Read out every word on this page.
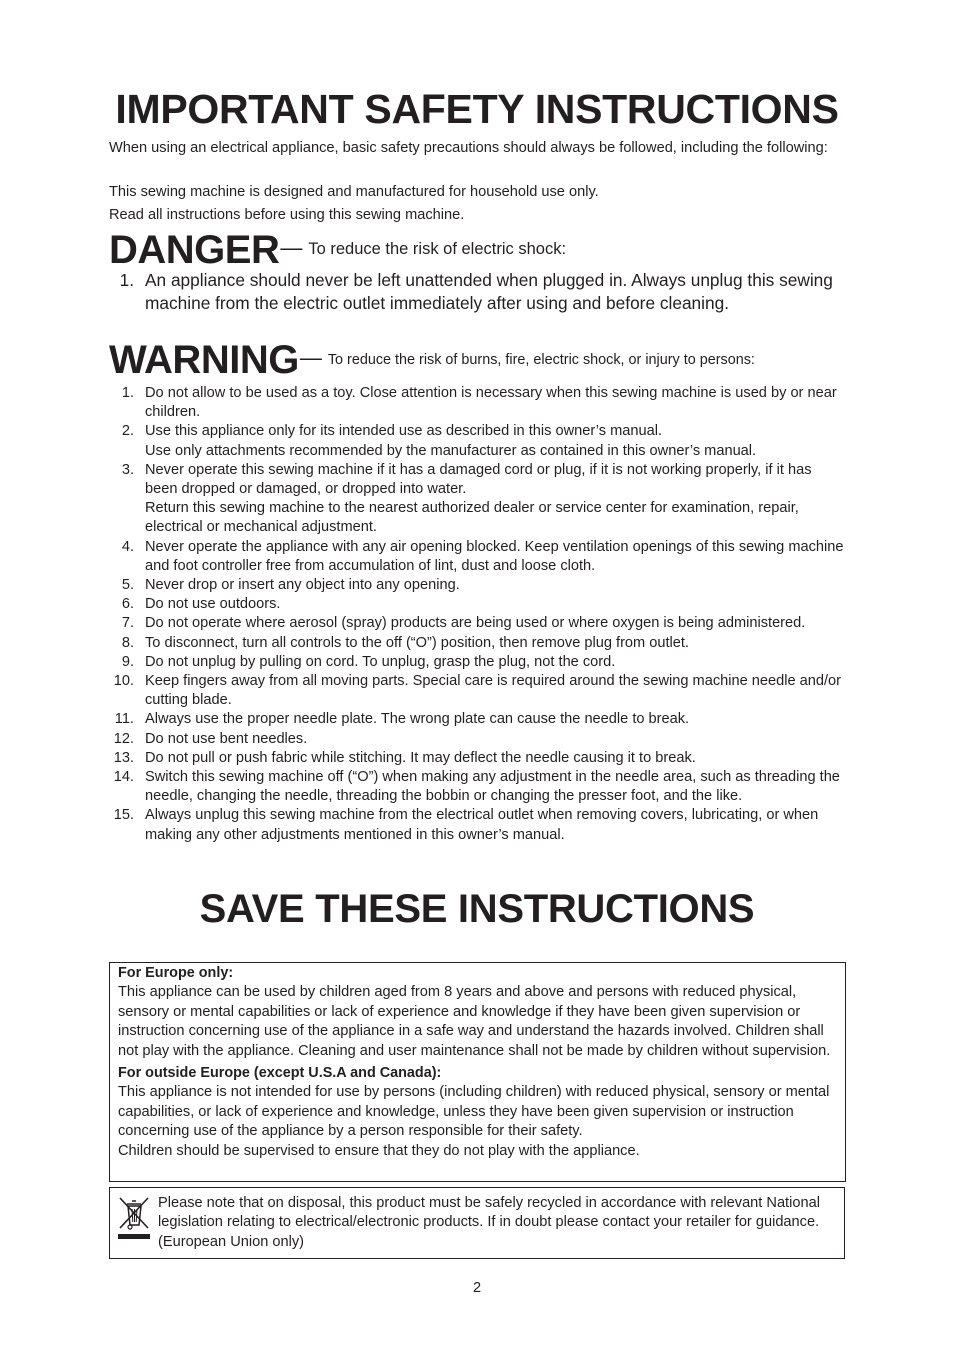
IMPORTANT SAFETY INSTRUCTIONS

When using an electrical appliance, basic safety precautions should always be followed, including the following:

This sewing machine is designed and manufactured for household use only.

Read all instructions before using this sewing machine.

DANGER— To reduce the risk of electric shock:
1. An appliance should never be left unattended when plugged in. Always unplug this sewing machine from the electric outlet immediately after using and before cleaning.
WARNING— To reduce the risk of burns, fire, electric shock, or injury to persons:
1. Do not allow to be used as a toy. Close attention is necessary when this sewing machine is used by or near children.
2. Use this appliance only for its intended use as described in this owner’s manual.
Use only attachments recommended by the manufacturer as contained in this owner’s manual.
3. Never operate this sewing machine if it has a damaged cord or plug, if it is not working properly, if it has been dropped or damaged, or dropped into water.
Return this sewing machine to the nearest authorized dealer or service center for examination, repair, electrical or mechanical adjustment.
4. Never operate the appliance with any air opening blocked. Keep ventilation openings of this sewing machine and foot controller free from accumulation of lint, dust and loose cloth.
5. Never drop or insert any object into any opening.
6. Do not use outdoors.
7. Do not operate where aerosol (spray) products are being used or where oxygen is being administered.
8. To disconnect, turn all controls to the off (“O”) position, then remove plug from outlet.
9. Do not unplug by pulling on cord. To unplug, grasp the plug, not the cord.
10. Keep fingers away from all moving parts. Special care is required around the sewing machine needle and/or cutting blade.
11. Always use the proper needle plate. The wrong plate can cause the needle to break.
12. Do not use bent needles.
13. Do not pull or push fabric while stitching. It may deflect the needle causing it to break.
14. Switch this sewing machine off (“O”) when making any adjustment in the needle area, such as threading the needle, changing the needle, threading the bobbin or changing the presser foot, and the like.
15. Always unplug this sewing machine from the electrical outlet when removing covers, lubricating, or when making any other adjustments mentioned in this owner’s manual.
SAVE THESE INSTRUCTIONS

For Europe only:

This appliance can be used by children aged from 8 years and above and persons with reduced physical, sensory or mental capabilities or lack of experience and knowledge if they have been given supervision or instruction concerning use of the appliance in a safe way and understand the hazards involved. Children shall not play with the appliance. Cleaning and user maintenance shall not be made by children without supervision.

For outside Europe (except U.S.A and Canada):

This appliance is not intended for use by persons (including children) with reduced physical, sensory or mental capabilities, or lack of experience and knowledge, unless they have been given supervision or instruction concerning use of the appliance by a person responsible for their safety.

Children should be supervised to ensure that they do not play with the appliance.

Please note that on disposal, this product must be safely recycled in accordance with relevant National legislation relating to electrical/electronic products. If in doubt please contact your retailer for guidance. (European Union only)

2
